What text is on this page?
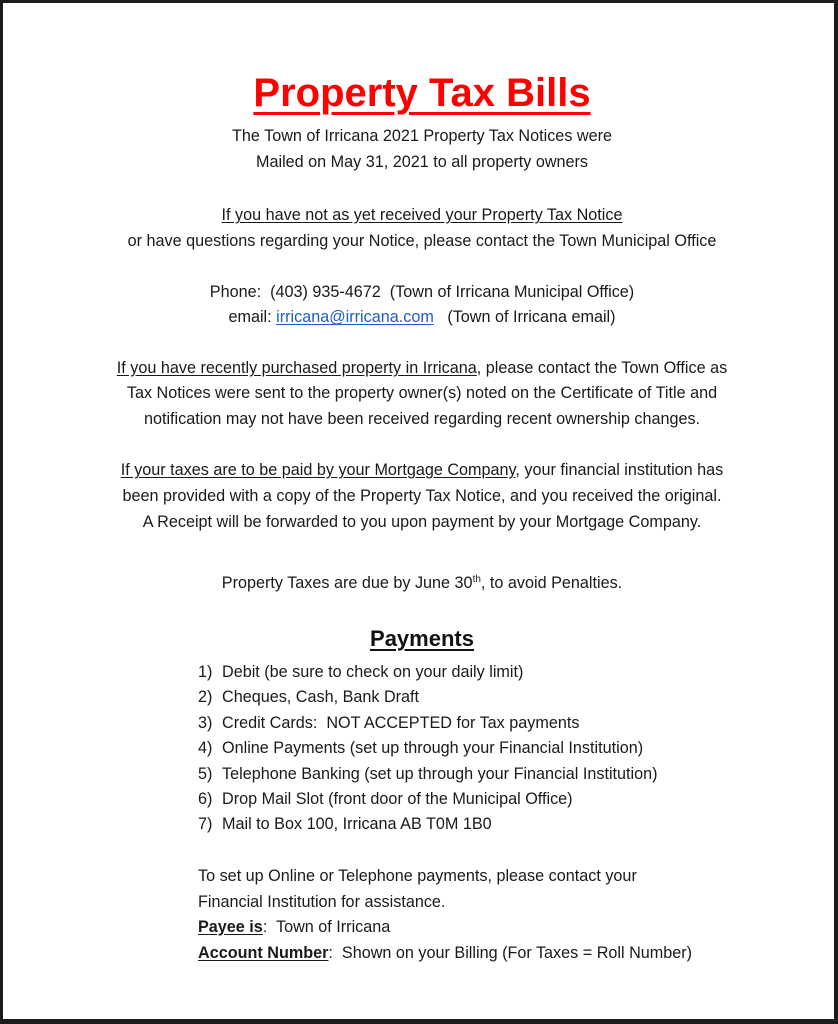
Property Tax Bills
The Town of Irricana 2021 Property Tax Notices were
Mailed on May 31, 2021 to all property owners
If you have not as yet received your Property Tax Notice
or have questions regarding your Notice, please contact the Town Municipal Office
Phone: (403) 935-4672 (Town of Irricana Municipal Office)
email: irricana@irricana.com (Town of Irricana email)
If you have recently purchased property in Irricana, please contact the Town Office as
Tax Notices were sent to the property owner(s) noted on the Certificate of Title and
notification may not have been received regarding recent ownership changes.
If your taxes are to be paid by your Mortgage Company, your financial institution has
been provided with a copy of the Property Tax Notice, and you received the original.
A Receipt will be forwarded to you upon payment by your Mortgage Company.
Property Taxes are due by June 30th, to avoid Penalties.
Payments
1) Debit (be sure to check on your daily limit)
2) Cheques, Cash, Bank Draft
3) Credit Cards:  NOT ACCEPTED for Tax payments
4) Online Payments (set up through your Financial Institution)
5) Telephone Banking (set up through your Financial Institution)
6) Drop Mail Slot (front door of the Municipal Office)
7) Mail to Box 100, Irricana AB T0M 1B0
To set up Online or Telephone payments, please contact your
Financial Institution for assistance.
Payee is:  Town of Irricana
Account Number:  Shown on your Billing (For Taxes = Roll Number)
